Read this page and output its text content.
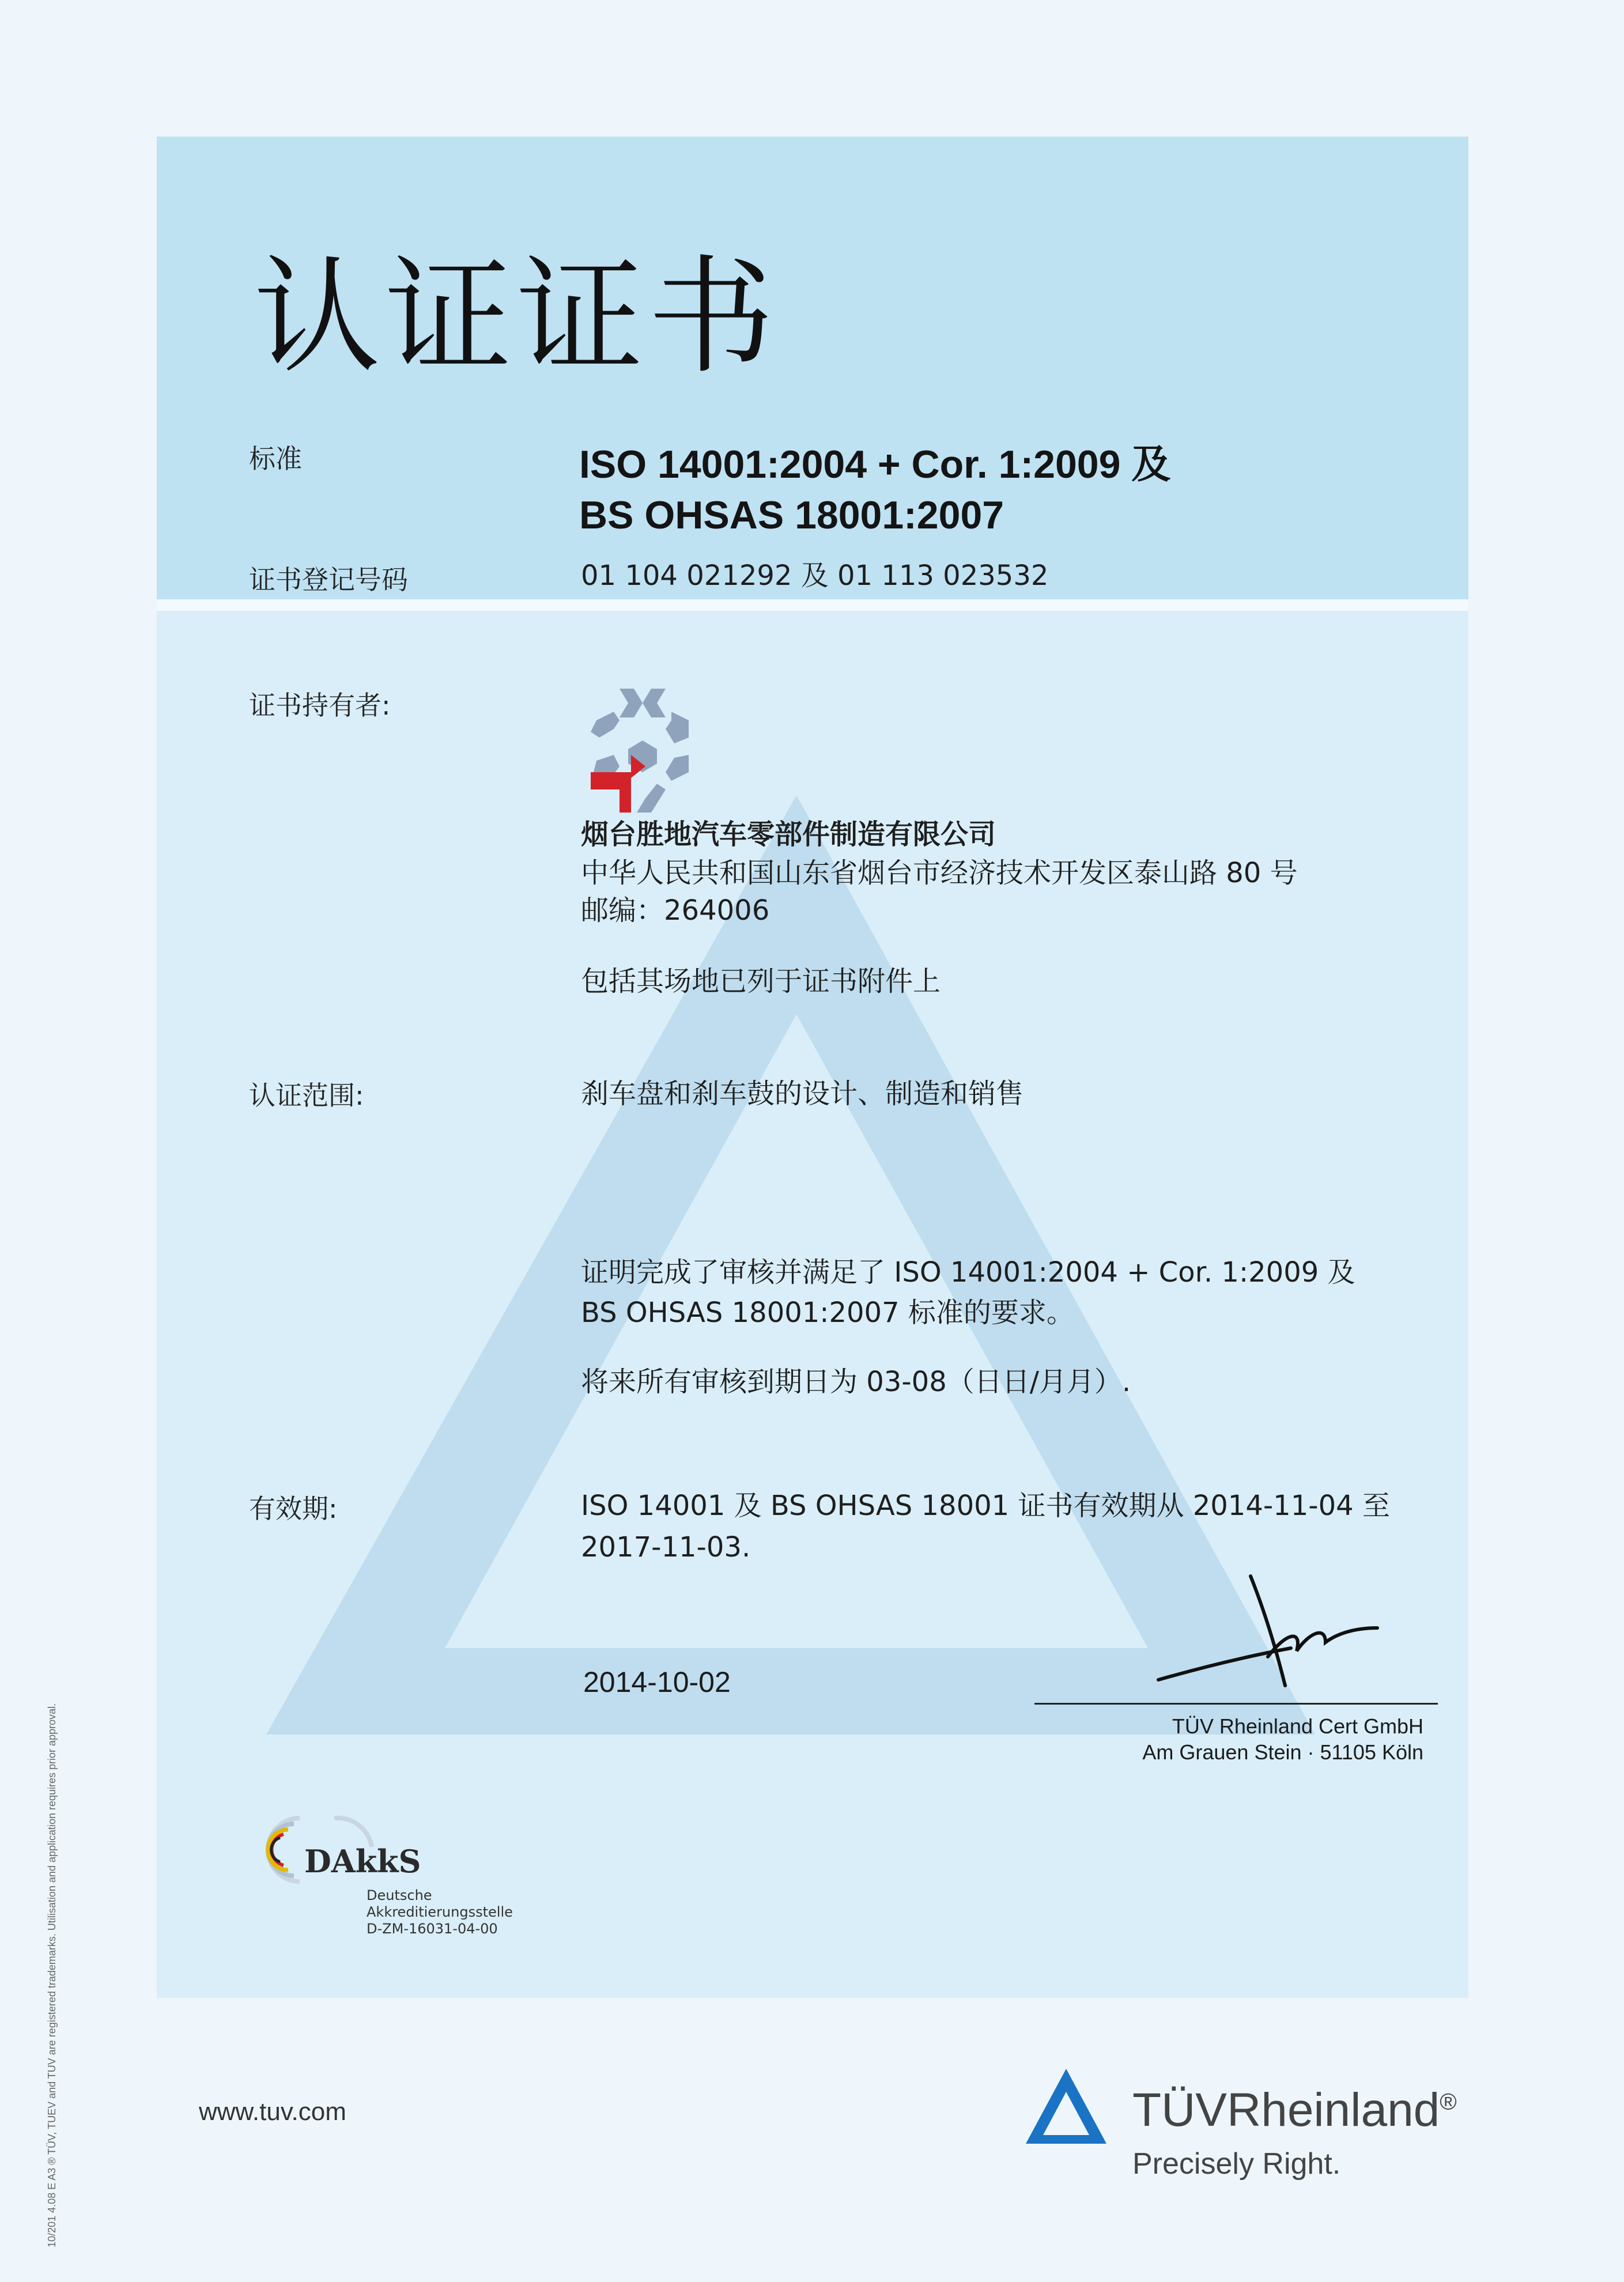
认证证书
标准	ISO 14001:2004 + Cor. 1:2009 及
BS OHSAS 18001:2007
证书登记号码	01 104 021292 及 01 113 023532
证书持有者:
烟台胜地汽车零部件制造有限公司
中华人民共和国山东省烟台市经济技术开发区泰山路 80 号
邮编：264006
包括其场地已列于证书附件上
认证范围:	刹车盘和刹车鼓的设计、制造和销售
证明完成了审核并满足了 ISO 14001:2004 + Cor. 1:2009 及
BS OHSAS 18001:2007 标准的要求。
将来所有审核到期日为 03-08（日日/月月）.
有效期:	ISO 14001 及 BS OHSAS 18001 证书有效期从 2014-11-04 至
2017-11-03.
2014-10-02
TÜV Rheinland Cert GmbH
Am Grauen Stein · 51105 Köln
DAkkS
Deutsche
Akkreditierungsstelle
D-ZM-16031-04-00
www.tuv.com	TÜVRheinland®
Precisely Right.
10/201 4.08 E A3 ® TÜV, TUEV and TUV are registered trademarks. Utilisation and application requires prior approval.
